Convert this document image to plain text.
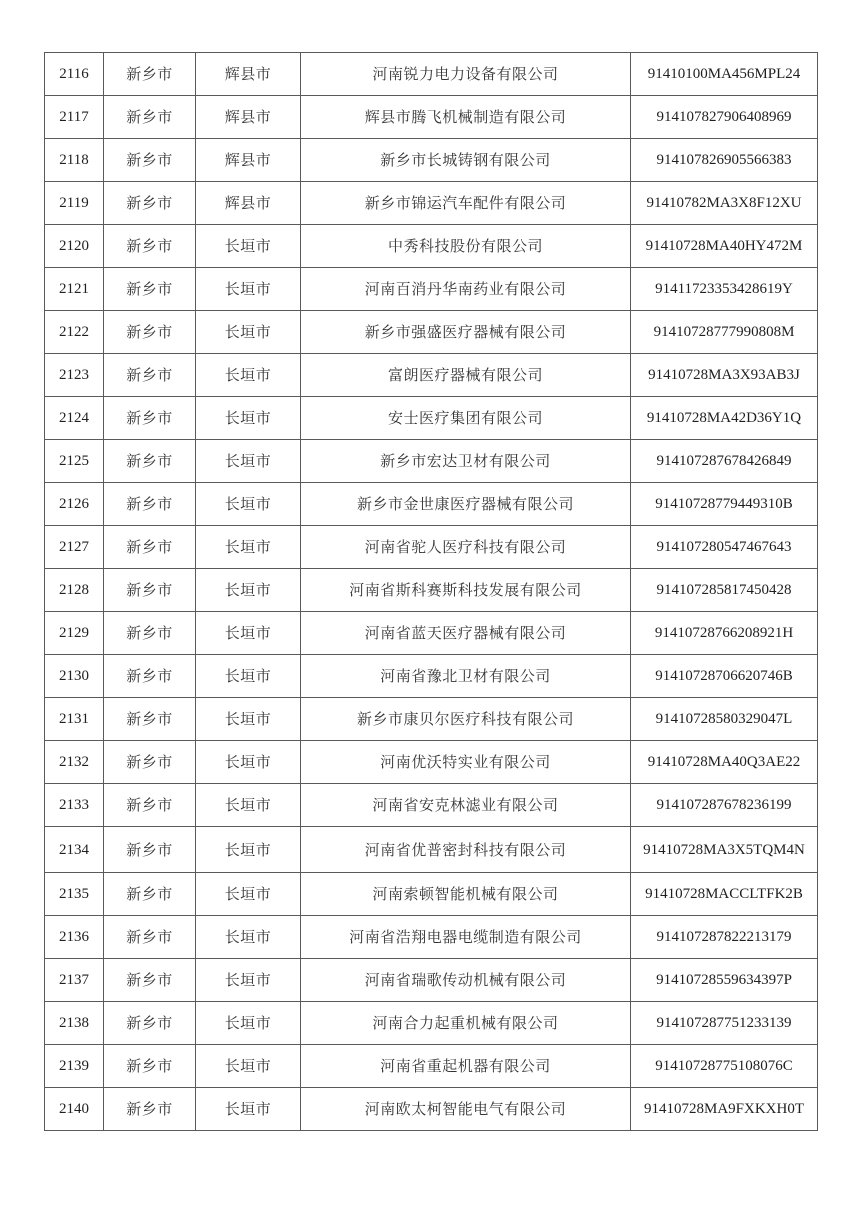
2116	新乡市	辉县市	河南锐力电力设备有限公司	91410100MA456MPL24
2117	新乡市	辉县市	辉县市腾飞机械制造有限公司	914107827906408969
2118	新乡市	辉县市	新乡市长城铸钢有限公司	914107826905566383
2119	新乡市	辉县市	新乡市锦运汽车配件有限公司	91410782MA3X8F12XU
2120	新乡市	长垣市	中秀科技股份有限公司	91410728MA40HY472M
2121	新乡市	长垣市	河南百消丹华南药业有限公司	91411723353428619Y
2122	新乡市	长垣市	新乡市强盛医疗器械有限公司	91410728777990808M
2123	新乡市	长垣市	富朗医疗器械有限公司	91410728MA3X93AB3J
2124	新乡市	长垣市	安士医疗集团有限公司	91410728MA42D36Y1Q
2125	新乡市	长垣市	新乡市宏达卫材有限公司	914107287678426849
2126	新乡市	长垣市	新乡市金世康医疗器械有限公司	91410728779449310B
2127	新乡市	长垣市	河南省驼人医疗科技有限公司	914107280547467643
2128	新乡市	长垣市	河南省斯科赛斯科技发展有限公司	914107285817450428
2129	新乡市	长垣市	河南省蓝天医疗器械有限公司	91410728766208921H
2130	新乡市	长垣市	河南省豫北卫材有限公司	91410728706620746B
2131	新乡市	长垣市	新乡市康贝尔医疗科技有限公司	91410728580329047L
2132	新乡市	长垣市	河南优沃特实业有限公司	91410728MA40Q3AE22
2133	新乡市	长垣市	河南省安克林滤业有限公司	914107287678236199
2134	新乡市	长垣市	河南省优普密封科技有限公司	91410728MA3X5TQM4N
2135	新乡市	长垣市	河南索顿智能机械有限公司	91410728MACCLTFK2B
2136	新乡市	长垣市	河南省浩翔电器电缆制造有限公司	914107287822213179
2137	新乡市	长垣市	河南省瑞歌传动机械有限公司	91410728559634397P
2138	新乡市	长垣市	河南合力起重机械有限公司	914107287751233139
2139	新乡市	长垣市	河南省重起机器有限公司	91410728775108076C
2140	新乡市	长垣市	河南欧太柯智能电气有限公司	91410728MA9FXKXH0T
